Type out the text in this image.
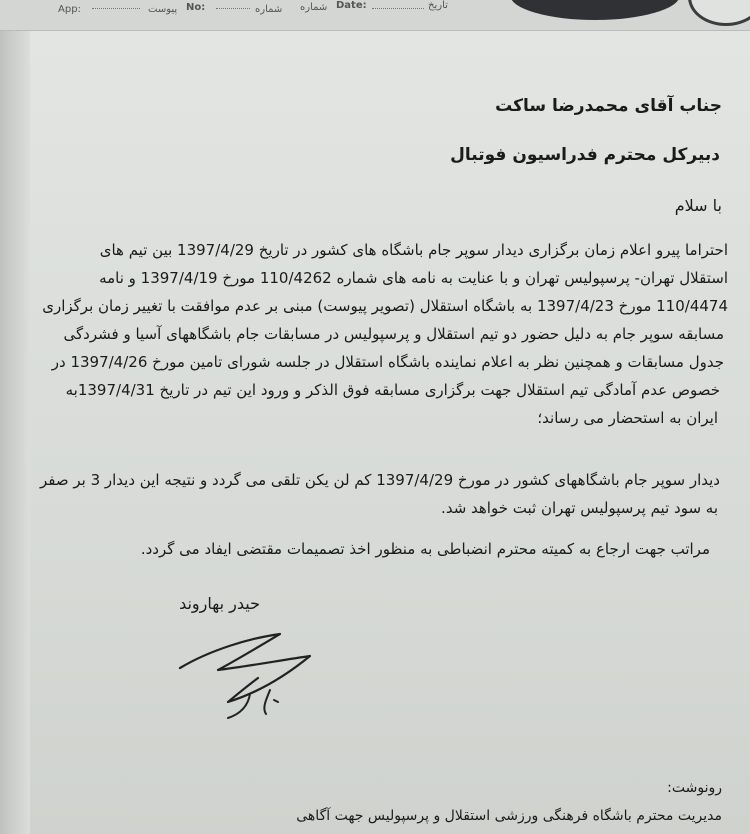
App:	پیوست	شماره
No:	شماره Date:	تاریخ
جناب آقای محمدرضا ساکت
دبیرکل محترم فدراسیون فوتبال
با سلام
احتراما پیرو اعلام زمان برگزاری دیدار سوپر جام باشگاه های کشور در تاریخ 1397/4/29 بین تیم های
استقلال تهران- پرسپولیس تهران و با عنایت به نامه های شماره 110/4262 مورخ 1397/4/19 و نامه
110/4474 مورخ 1397/4/23 به باشگاه استقلال (تصویر پیوست) مبنی بر عدم موافقت با تغییر زمان برگزاری
مسابقه سوپر جام به دلیل حضور دو تیم استقلال و پرسپولیس در مسابقات جام باشگاههای آسیا و فشردگی
جدول مسابقات و همچنین نظر به اعلام نماینده باشگاه استقلال در جلسه شورای تامین مورخ 1397/4/26 در
خصوص عدم آمادگی تیم استقلال جهت برگزاری مسابقه فوق الذکر و ورود این تیم در تاریخ 1397/4/31به
ایران به استحضار می رساند؛
دیدار سوپر جام باشگاههای کشور در مورخ 1397/4/29 کم لن یکن تلقی می گردد و نتیجه این دیدار 3 بر صفر
به سود تیم پرسپولیس تهران ثبت خواهد شد.
مراتب جهت ارجاع به کمیته محترم انضباطی به منظور اخذ تصمیمات مقتضی ایفاد می گردد.
حیدر بهاروند
رونوشت:
مدیریت محترم باشگاه فرهنگی ورزشی استقلال و پرسپولیس جهت آگاهی
